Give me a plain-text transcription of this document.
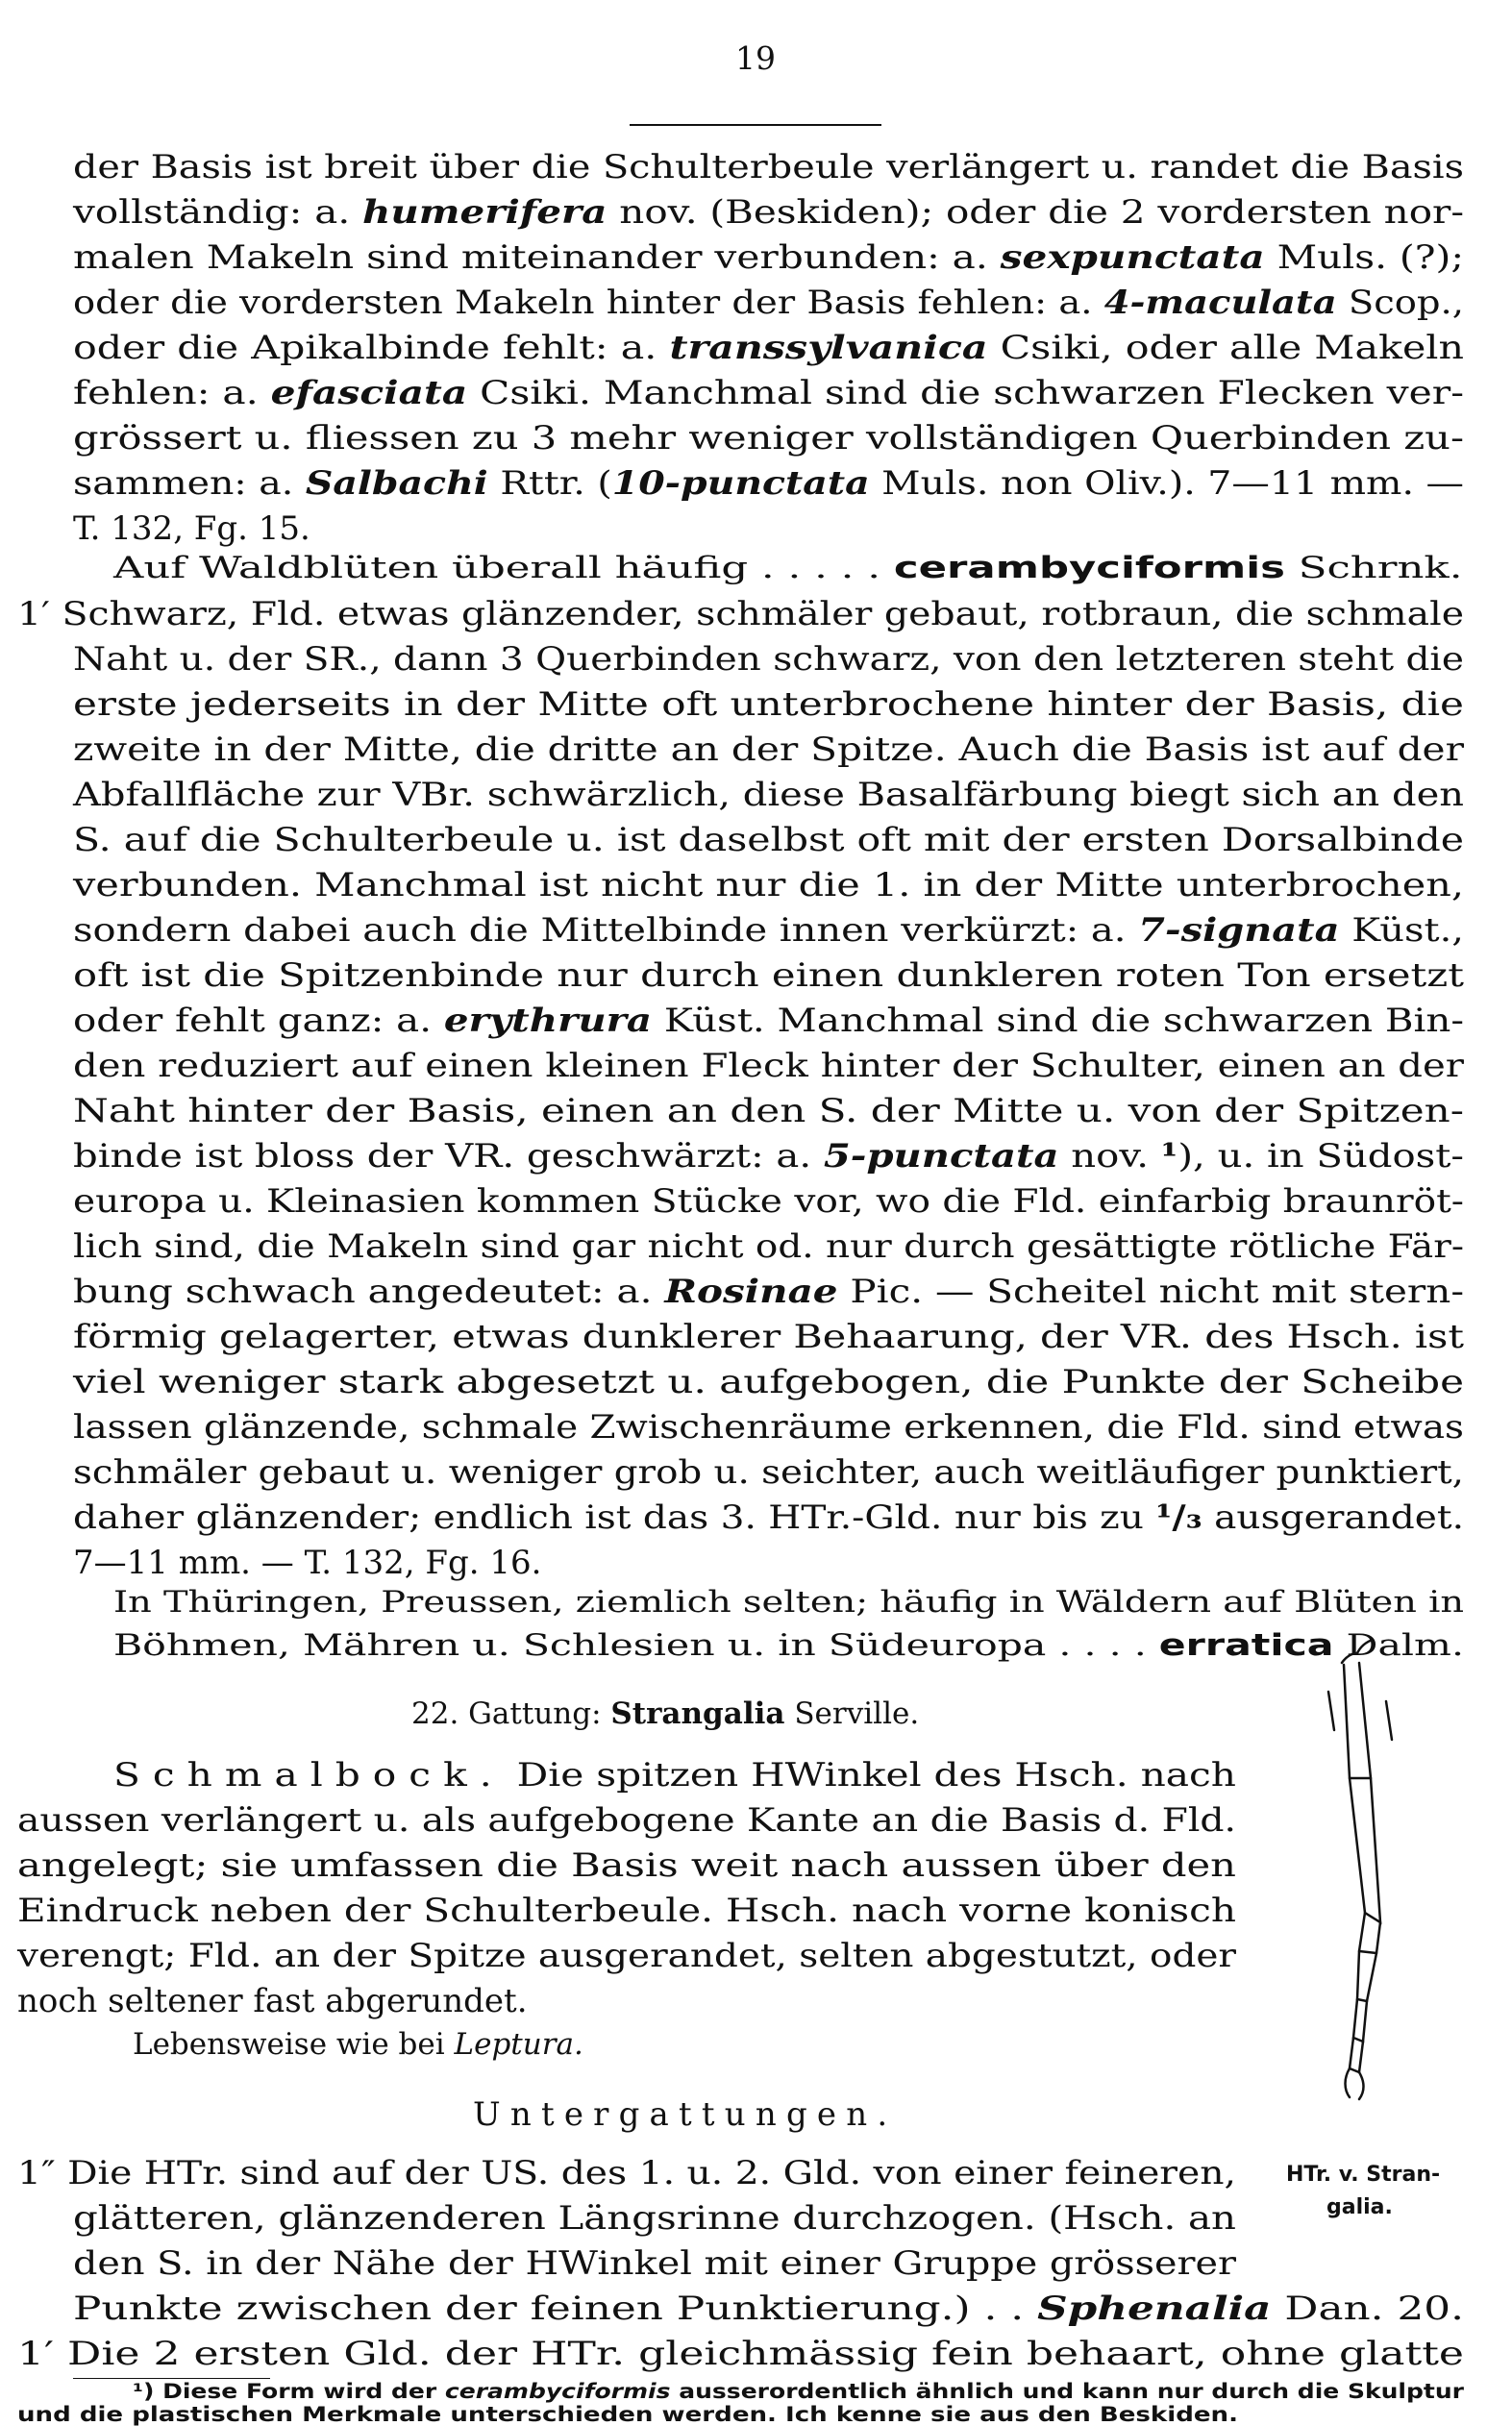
19
der Basis ist breit über die Schulterbeule verlängert u. randet die Basis
vollständig: a. humerifera nov. (Beskiden); oder die 2 vordersten nor-
malen Makeln sind miteinander verbunden: a. sexpunctata Muls. (?);
oder die vordersten Makeln hinter der Basis fehlen: a. 4-maculata Scop.,
oder die Apikalbinde fehlt: a. transsylvanica Csiki, oder alle Makeln
fehlen: a. efasciata Csiki. Manchmal sind die schwarzen Flecken ver-
grössert u. fliessen zu 3 mehr weniger vollständigen Querbinden zu-
sammen: a. Salbachi Rttr. (10-punctata Muls. non Oliv.). 7—11 mm. —
T. 132, Fg. 15.
Auf Waldblüten überall häufig . . . . . cerambyciformis Schrnk.
1′ Schwarz, Fld. etwas glänzender, schmäler gebaut, rotbraun, die schmale
Naht u. der SR., dann 3 Querbinden schwarz, von den letzteren steht die
erste jederseits in der Mitte oft unterbrochene hinter der Basis, die
zweite in der Mitte, die dritte an der Spitze. Auch die Basis ist auf der
Abfallfläche zur VBr. schwärzlich, diese Basalfärbung biegt sich an den
S. auf die Schulterbeule u. ist daselbst oft mit der ersten Dorsalbinde
verbunden. Manchmal ist nicht nur die 1. in der Mitte unterbrochen,
sondern dabei auch die Mittelbinde innen verkürzt: a. 7-signata Küst.,
oft ist die Spitzenbinde nur durch einen dunkleren roten Ton ersetzt
oder fehlt ganz: a. erythrura Küst. Manchmal sind die schwarzen Bin-
den reduziert auf einen kleinen Fleck hinter der Schulter, einen an der
Naht hinter der Basis, einen an den S. der Mitte u. von der Spitzen-
binde ist bloss der VR. geschwärzt: a. 5-punctata nov. ¹), u. in Südost-
europa u. Kleinasien kommen Stücke vor, wo die Fld. einfarbig braunröt-
lich sind, die Makeln sind gar nicht od. nur durch gesättigte rötliche Fär-
bung schwach angedeutet: a. Rosinae Pic. — Scheitel nicht mit stern-
förmig gelagerter, etwas dunklerer Behaarung, der VR. des Hsch. ist
viel weniger stark abgesetzt u. aufgebogen, die Punkte der Scheibe
lassen glänzende, schmale Zwischenräume erkennen, die Fld. sind etwas
schmäler gebaut u. weniger grob u. seichter, auch weitläufiger punktiert,
daher glänzender; endlich ist das 3. HTr.-Gld. nur bis zu ¹/₃ ausgerandet.
7—11 mm. — T. 132, Fg. 16.
In Thüringen, Preussen, ziemlich selten; häufig in Wäldern auf Blüten in
Böhmen, Mähren u. Schlesien u. in Südeuropa . . . . erratica Dalm.
22. Gattung: Strangalia Serville.
Schmalbock. Die spitzen HWinkel des Hsch. nach
aussen verlängert u. als aufgebogene Kante an die Basis d. Fld.
angelegt; sie umfassen die Basis weit nach aussen über den
Eindruck neben der Schulterbeule. Hsch. nach vorne konisch
verengt; Fld. an der Spitze ausgerandet, selten abgestutzt, oder
noch seltener fast abgerundet.
Lebensweise wie bei Leptura.
Untergattungen.
1″ Die HTr. sind auf der US. des 1. u. 2. Gld. von einer feineren,
glätteren, glänzenderen Längsrinne durchzogen. (Hsch. an
den S. in der Nähe der HWinkel mit einer Gruppe grösserer
Punkte zwischen der feinen Punktierung.) . . Sphenalia Dan. 20.
1′ Die 2 ersten Gld. der HTr. gleichmässig fein behaart, ohne glatte
HTr. v. Stran-
galia.
¹) Diese Form wird der cerambyciformis ausserordentlich ähnlich und kann nur durch die Skulptur
und die plastischen Merkmale unterschieden werden. Ich kenne sie aus den Beskiden.
